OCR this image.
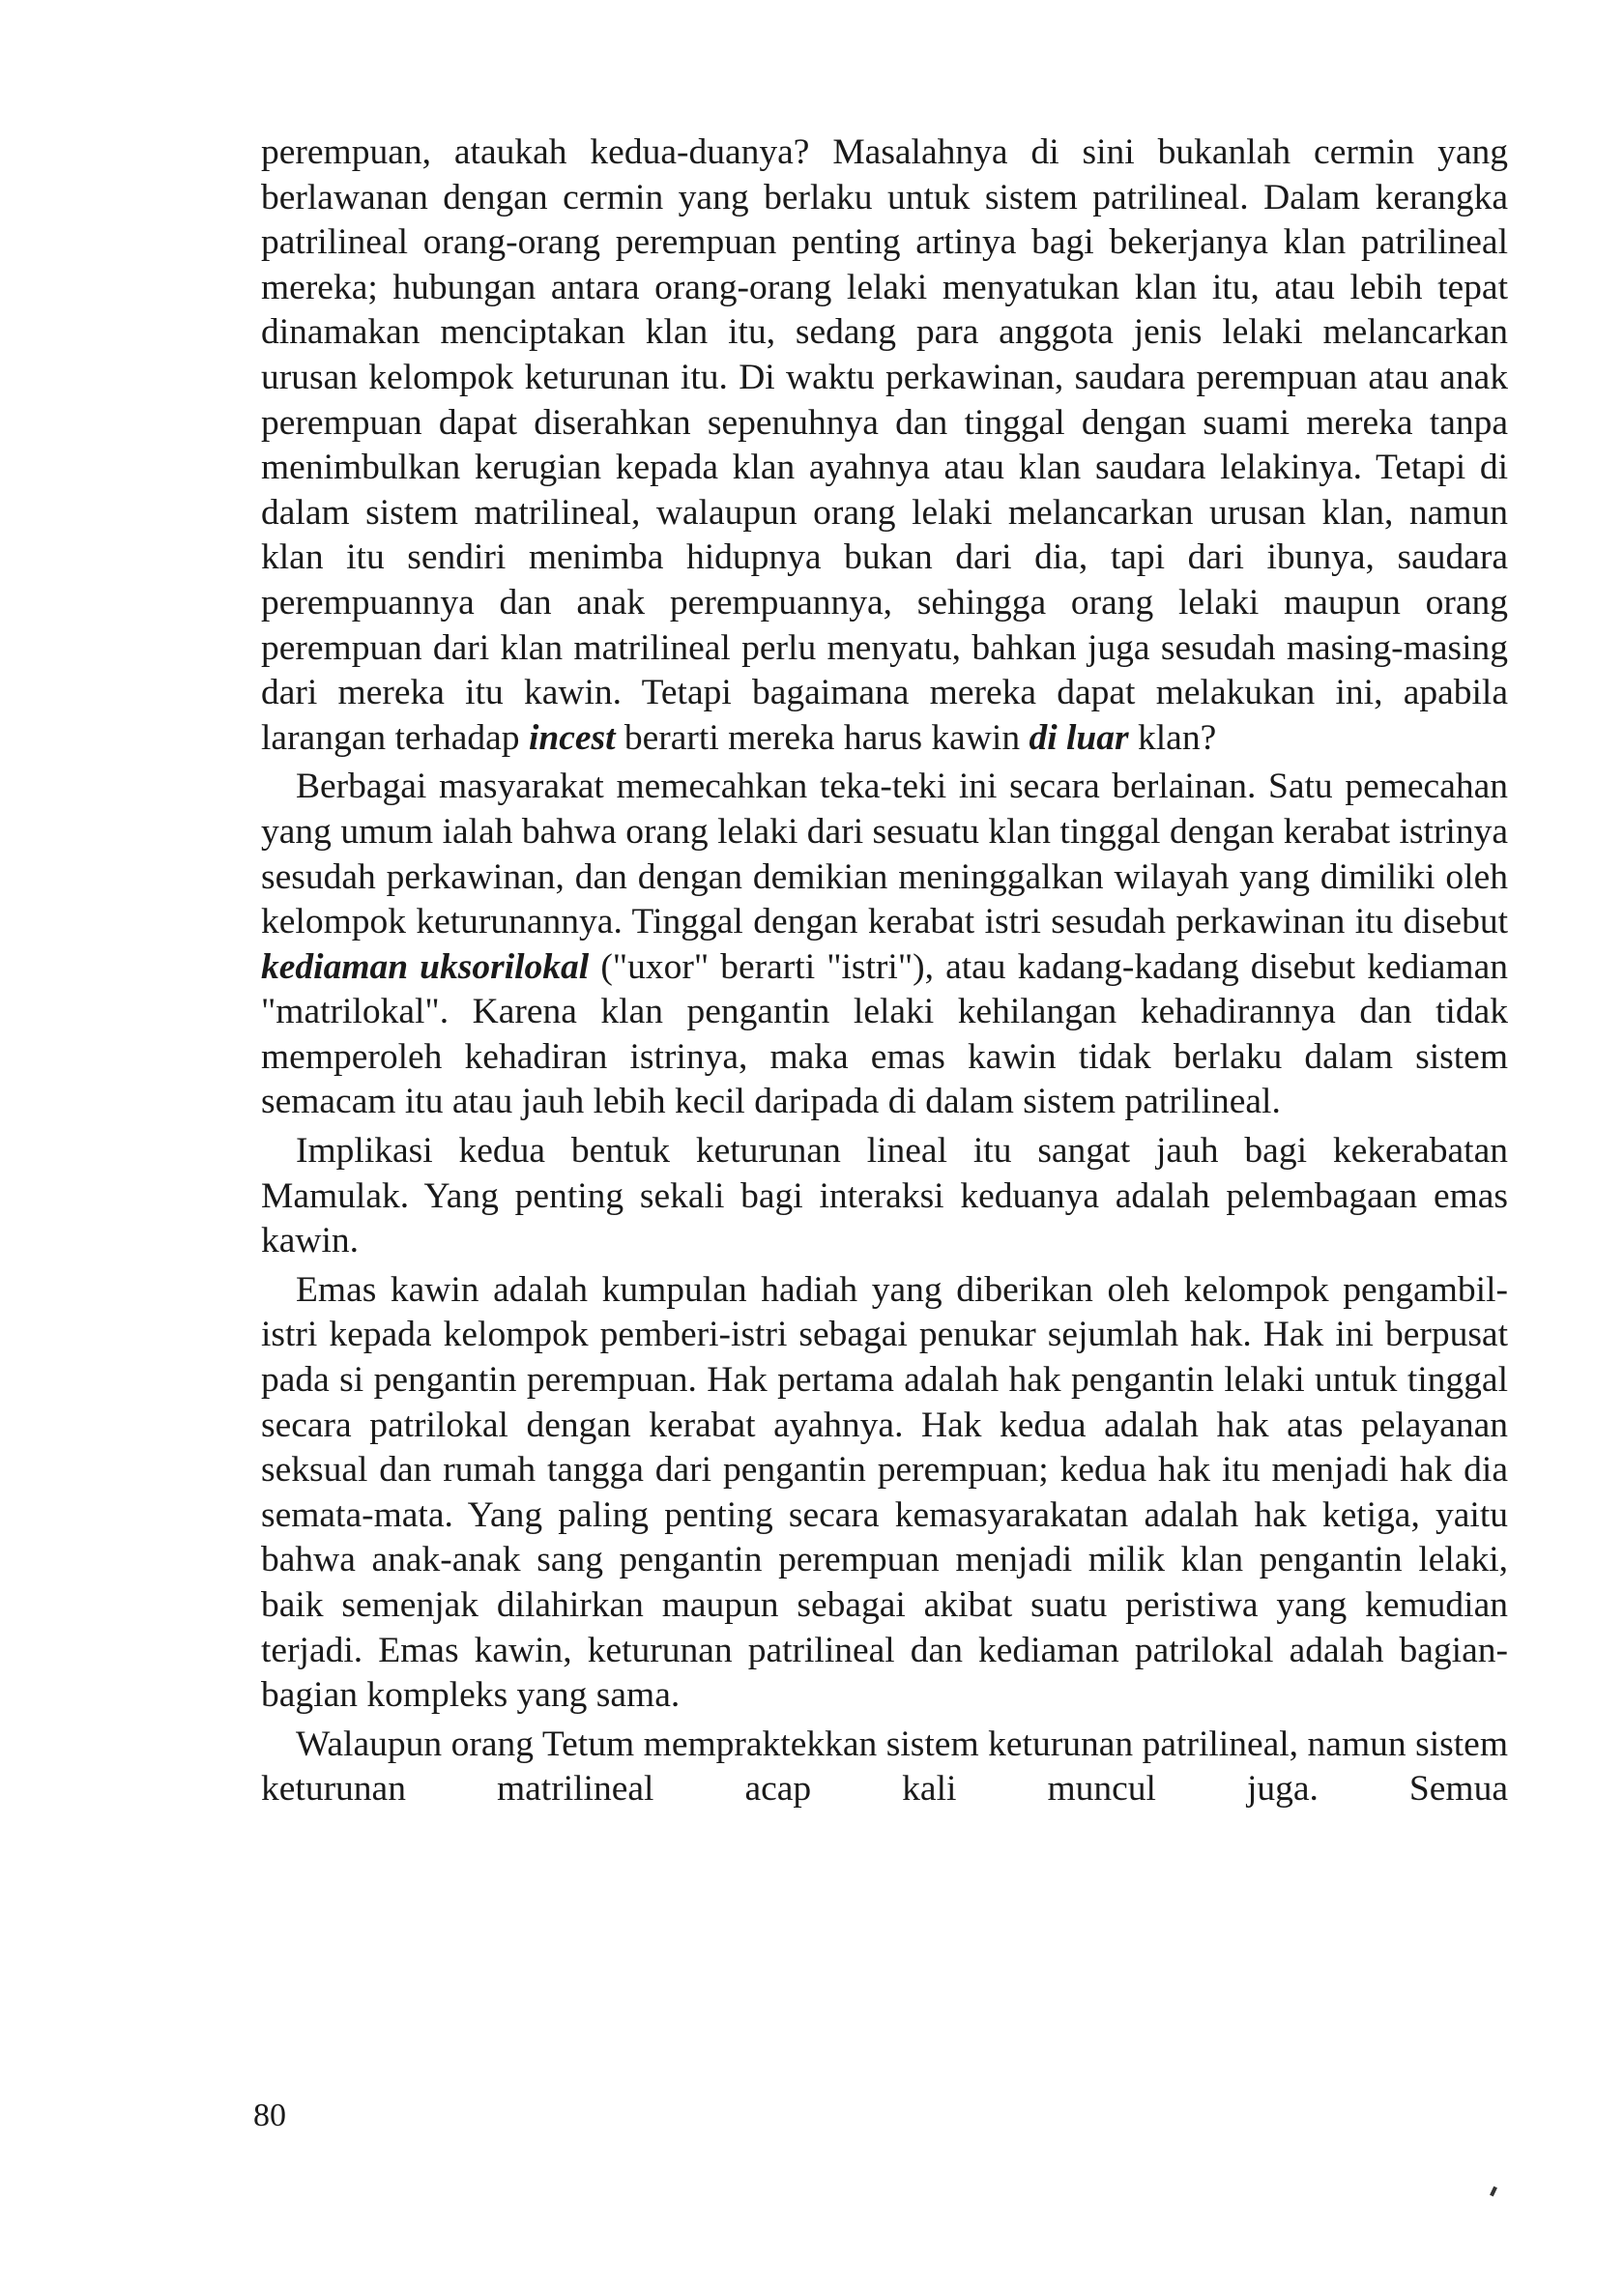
perempuan, ataukah kedua-duanya? Masalahnya di sini bukanlah cermin yang berlawanan dengan cermin yang berlaku untuk sistem patrilineal. Dalam kerangka patrilineal orang-orang perempuan penting artinya bagi bekerjanya klan patrilineal mereka; hubungan antara orang-orang lelaki menyatukan klan itu, atau lebih tepat dinamakan menciptakan klan itu, sedang para anggota jenis lelaki melancarkan urusan kelompok keturunan itu. Di waktu perkawinan, saudara perempuan atau anak perempuan dapat diserahkan sepenuhnya dan tinggal dengan suami mereka tanpa menimbulkan kerugian kepada klan ayahnya atau klan saudara lelakinya. Tetapi di dalam sistem matrilineal, walaupun orang lelaki melancarkan urusan klan, namun klan itu sendiri menimba hidupnya bukan dari dia, tapi dari ibunya, saudara perempuannya dan anak perempuannya, sehingga orang lelaki maupun orang perempuan dari klan matrilineal perlu menyatu, bahkan juga sesudah masing-masing dari mereka itu kawin. Tetapi bagaimana mereka dapat melakukan ini, apabila larangan terhadap incest berarti mereka harus kawin di luar klan?

Berbagai masyarakat memecahkan teka-teki ini secara berlainan. Satu pemecahan yang umum ialah bahwa orang lelaki dari sesuatu klan tinggal dengan kerabat istrinya sesudah perkawinan, dan dengan demikian meninggalkan wilayah yang dimiliki oleh kelompok keturunannya. Tinggal dengan kerabat istri sesudah perkawinan itu disebut kediaman uksorilokal ("uxor" berarti "istri"), atau kadang-kadang disebut kediaman "matrilokal". Karena klan pengantin lelaki kehilangan kehadirannya dan tidak memperoleh kehadiran istrinya, maka emas kawin tidak berlaku dalam sistem semacam itu atau jauh lebih kecil daripada di dalam sistem patrilineal.

Implikasi kedua bentuk keturunan lineal itu sangat jauh bagi kekerabatan Mamulak. Yang penting sekali bagi interaksi keduanya adalah pelembagaan emas kawin.

Emas kawin adalah kumpulan hadiah yang diberikan oleh kelompok pengambil-istri kepada kelompok pemberi-istri sebagai penukar sejumlah hak. Hak ini berpusat pada si pengantin perempuan. Hak pertama adalah hak pengantin lelaki untuk tinggal secara patrilokal dengan kerabat ayahnya. Hak kedua adalah hak atas pelayanan seksual dan rumah tangga dari pengantin perempuan; kedua hak itu menjadi hak dia semata-mata. Yang paling penting secara kemasyarakatan adalah hak ketiga, yaitu bahwa anak-anak sang pengantin perempuan menjadi milik klan pengantin lelaki, baik semenjak dilahirkan maupun sebagai akibat suatu peristiwa yang kemudian terjadi. Emas kawin, keturunan patrilineal dan kediaman patrilokal adalah bagian-bagian kompleks yang sama.

Walaupun orang Tetum mempraktekkan sistem keturunan patrilineal, namun sistem keturunan matrilineal acap kali muncul juga. Semua

80
